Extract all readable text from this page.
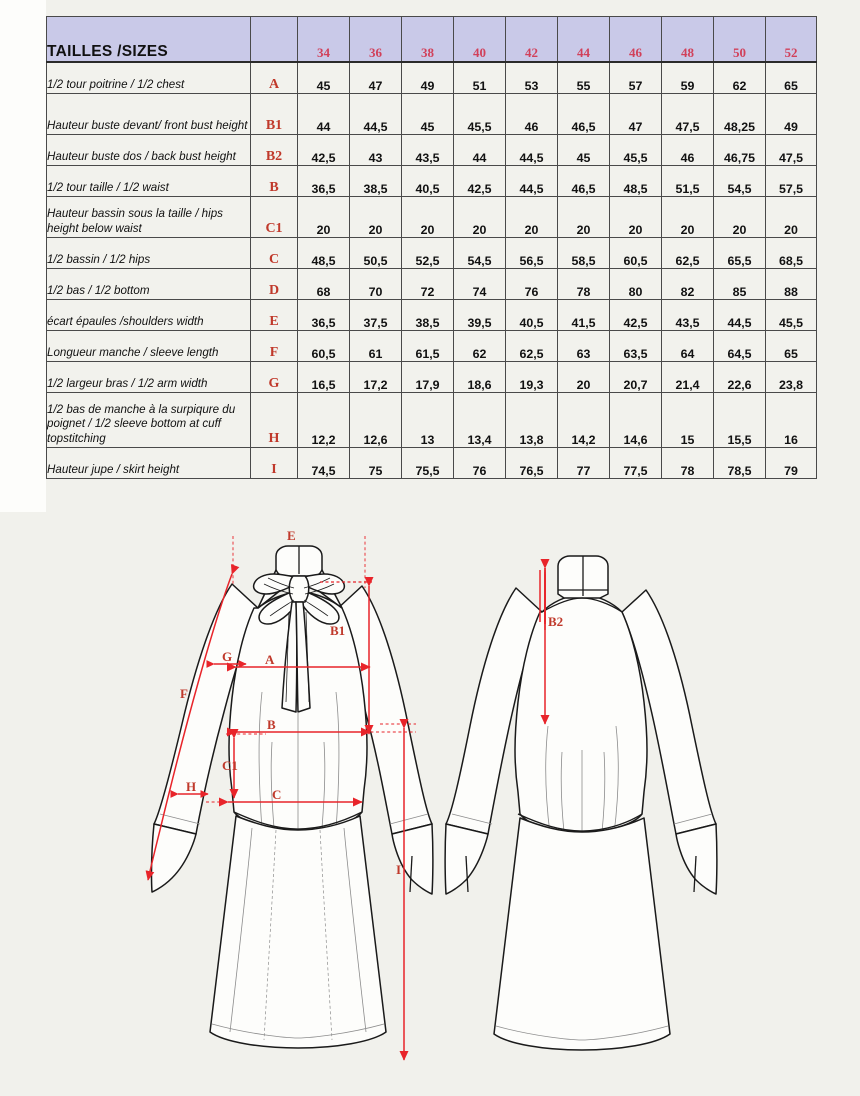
TAILLES /SIZES		34	36	38	40	42	44	46	48	50	52
1/2 tour poitrine / 1/2 chest	A	45	47	49	51	53	55	57	59	62	65
Hauteur buste devant/ front bust height	B1	44	44,5	45	45,5	46	46,5	47	47,5	48,25	49
Hauteur buste dos / back bust height	B2	42,5	43	43,5	44	44,5	45	45,5	46	46,75	47,5
1/2 tour taille / 1/2 waist	B	36,5	38,5	40,5	42,5	44,5	46,5	48,5	51,5	54,5	57,5
Hauteur bassin sous la taille / hips height below waist	C1	20	20	20	20	20	20	20	20	20	20
1/2 bassin / 1/2 hips	C	48,5	50,5	52,5	54,5	56,5	58,5	60,5	62,5	65,5	68,5
1/2 bas / 1/2 bottom	D	68	70	72	74	76	78	80	82	85	88
écart épaules /shoulders width	E	36,5	37,5	38,5	39,5	40,5	41,5	42,5	43,5	44,5	45,5
Longueur manche / sleeve length	F	60,5	61	61,5	62	62,5	63	63,5	64	64,5	65
1/2 largeur bras / 1/2 arm width	G	16,5	17,2	17,9	18,6	19,3	20	20,7	21,4	22,6	23,8
1/2 bas de manche à la surpiqure du poignet / 1/2 sleeve bottom at cuff topstitching	H	12,2	12,6	13	13,4	13,8	14,2	14,6	15	15,5	16
Hauteur jupe / skirt height	I	74,5	75	75,5	76	76,5	77	77,5	78	78,5	79
E
B1
A
G
F
B
C1
H
C
I
B2
